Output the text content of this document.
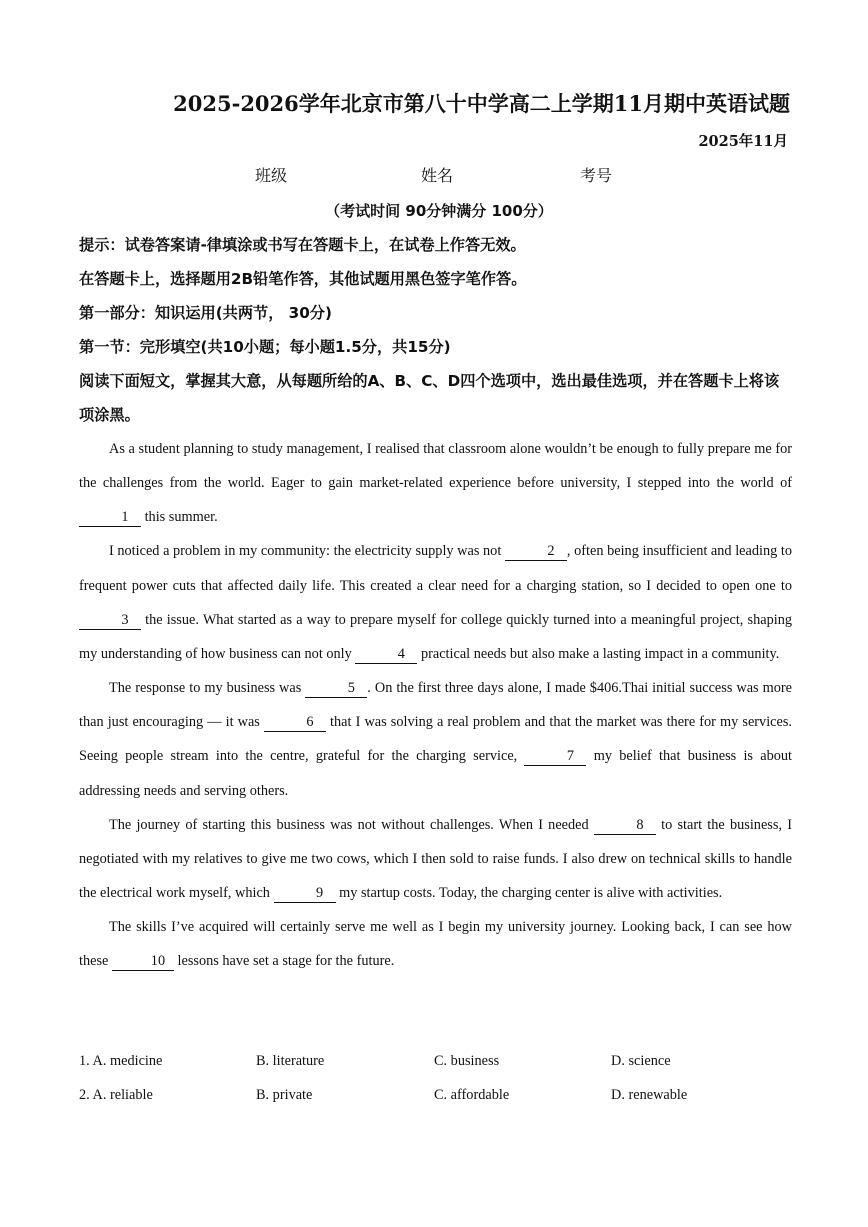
2025-2026学年北京市第八十中学高二上学期11月期中英语试题
2025年11月
班级	姓名	考号
（考试时间 90分钟满分 100分）
提示：试卷答案请-律填涂或书写在答题卡上，在试卷上作答无效。
在答题卡上，选择题用2B铅笔作答，其他试题用黑色签字笔作答。
第一部分：知识运用(共两节， 30分)
第一节：完形填空(共10小题；每小题1.5分，共15分)
阅读下面短文，掌握其大意，从每题所给的A、B、C、D四个选项中，选出最佳选项，并在答题卡上将该项涂黑。

As a student planning to study management, I realised that classroom alone wouldn’t be enough to fully prepare me for the challenges from the world. Eager to gain market-related experience before university, I stepped into the world of 1 this summer.

I noticed a problem in my community: the electricity supply was not	2 , often being insufficient and leading to frequent power cuts that affected daily life. This created a clear need for a charging station, so I decided to open one to 3 the issue. What started as a way to prepare myself for college quickly turned into a meaningful project, shaping my understanding of how business can not only	4 practical needs but also make a lasting impact in a community.

The response to my business was	5 . On the first three days alone, I made $406.Thai initial success was more than just encouraging — it was	6 that I was solving a real problem and that the market was there for my services. Seeing people stream into the centre, grateful for the charging service,	7 my belief that business is about addressing needs and serving others.

The journey of starting this business was not without challenges. When I needed	8 to start the business, I negotiated with my relatives to give me two cows, which I then sold to raise funds. I also drew on technical skills to handle the electrical work myself, which	9 my startup costs. Today, the charging center is alive with activities.

The skills I’ve acquired will certainly serve me well as I begin my university journey. Looking back, I can see how these	10 lessons have set a stage for the future.

1. A. medicine	B. literature	C. business	D. science
2. A. reliable	B. private	C. affordable	D. renewable
